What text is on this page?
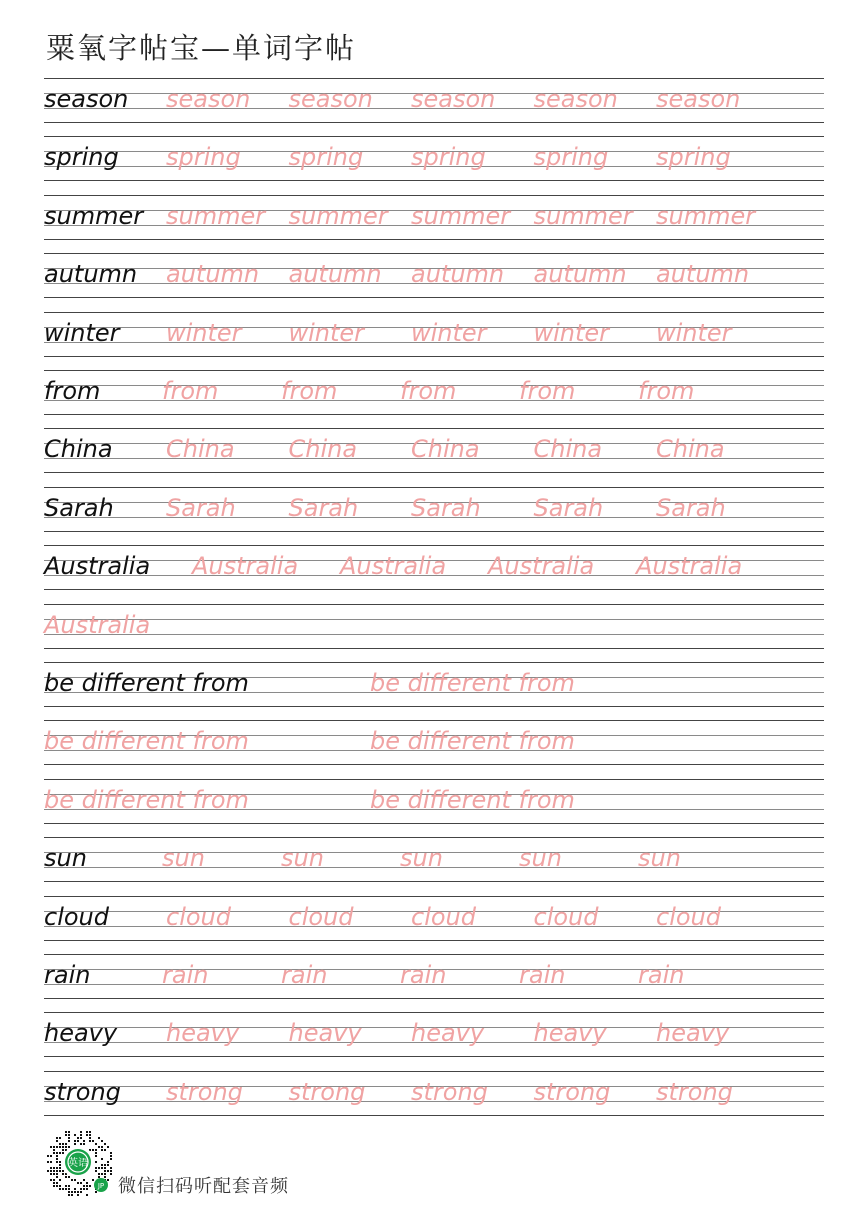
粟氧字帖宝—单词字帖
season season season season season season
spring spring spring spring spring spring
summer summer summer summer summer summer
autumn autumn autumn autumn autumn autumn
winter winter winter winter winter winter
from	from	from	from	from	from
China China China China China China
Sarah Sarah Sarah Sarah Sarah Sarah
Australia Australia Australia Australia Australia
Australia
be different from	be different from
be different from	be different from
be different from	be different from
sun	sun	sun	sun	sun	sun
cloud cloud cloud cloud cloud cloud
rain	rain	rain	rain	rain	rain
heavy heavy heavy heavy heavy heavy
strong strong strong strong strong strong
英语
JP 微信扫码听配套音频
